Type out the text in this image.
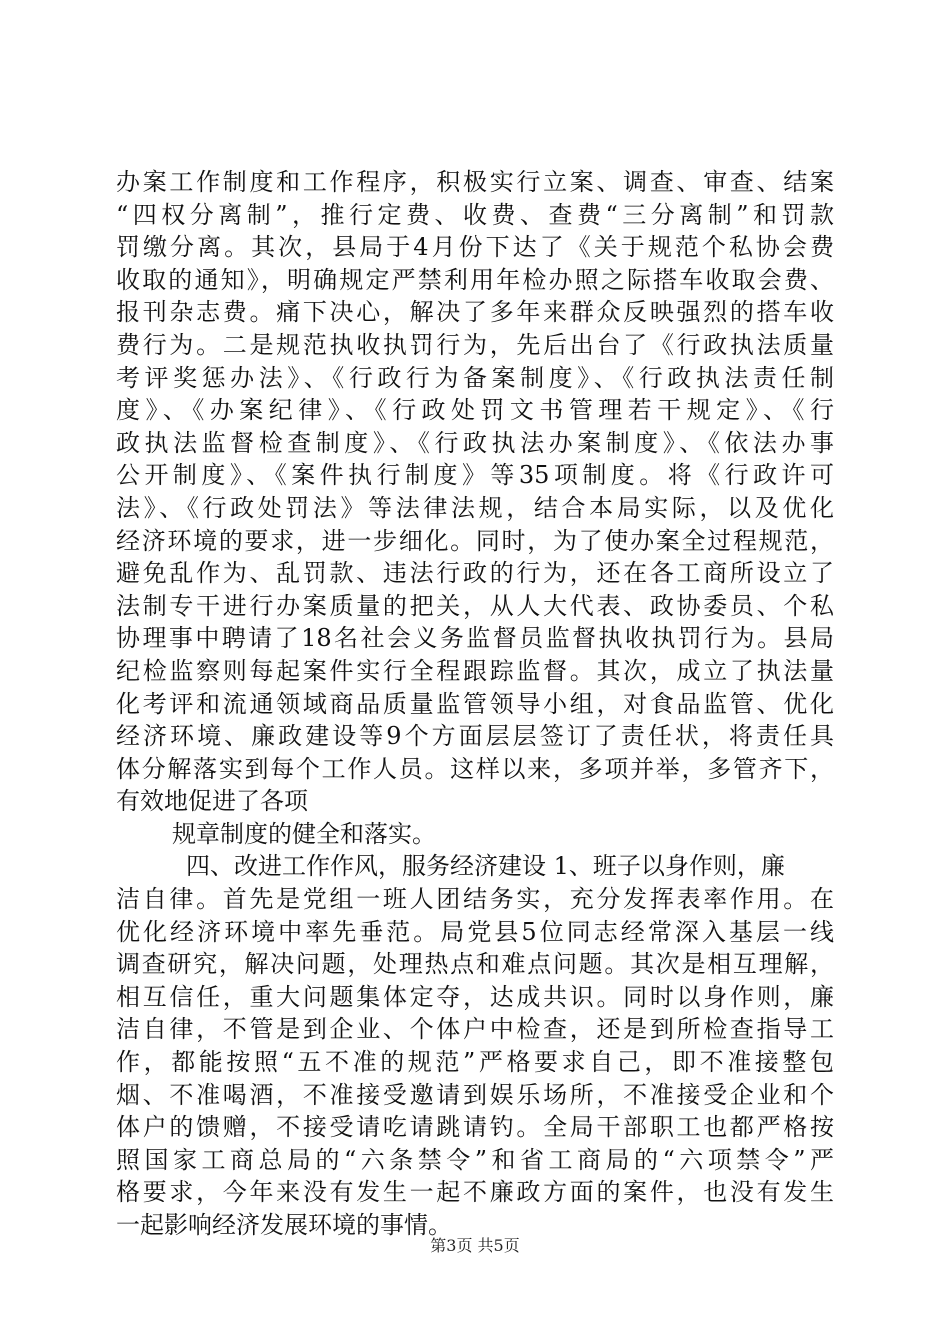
办案工作制度和工作程序，积极实行立案、调查、审查、结案
“四权分离制”，推行定费、收费、查费“三分离制”和罚款
罚缴分离。其次，县局于4月份下达了《关于规范个私协会费
收取的通知》，明确规定严禁利用年检办照之际搭车收取会费、
报刊杂志费。痛下决心，解决了多年来群众反映强烈的搭车收
费行为。二是规范执收执罚行为，先后出台了《行政执法质量
考评奖惩办法》、《行政行为备案制度》、《行政执法责任制
度》、《办案纪律》、《行政处罚文书管理若干规定》、《行
政执法监督检查制度》、《行政执法办案制度》、《依法办事
公开制度》、《案件执行制度》等35项制度。将《行政许可
法》、《行政处罚法》等法律法规，结合本局实际，以及优化
经济环境的要求，进一步细化。同时，为了使办案全过程规范，
避免乱作为、乱罚款、违法行政的行为，还在各工商所设立了
法制专干进行办案质量的把关，从人大代表、政协委员、个私
协理事中聘请了18名社会义务监督员监督执收执罚行为。县局
纪检监察则每起案件实行全程跟踪监督。其次，成立了执法量
化考评和流通领域商品质量监管领导小组，对食品监管、优化
经济环境、廉政建设等9个方面层层签订了责任状，将责任具
体分解落实到每个工作人员。这样以来，多项并举，多管齐下，
有效地促进了各项
规章制度的健全和落实。
四、改进工作作风，服务经济建设 1、班子以身作则，廉
洁自律。首先是党组一班人团结务实，充分发挥表率作用。在
优化经济环境中率先垂范。局党县5位同志经常深入基层一线
调查研究，解决问题，处理热点和难点问题。其次是相互理解，
相互信任，重大问题集体定夺，达成共识。同时以身作则，廉
洁自律，不管是到企业、个体户中检查，还是到所检查指导工
作，都能按照“五不准的规范”严格要求自己，即不准接整包
烟、不准喝酒，不准接受邀请到娱乐场所，不准接受企业和个
体户的馈赠，不接受请吃请跳请钓。全局干部职工也都严格按
照国家工商总局的“六条禁令”和省工商局的“六项禁令”严
格要求，今年来没有发生一起不廉政方面的案件，也没有发生
一起影响经济发展环境的事情。
第3页 共5页
